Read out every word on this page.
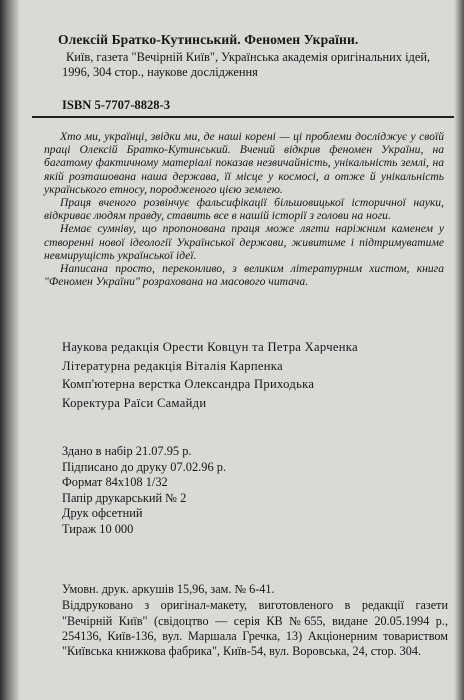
Олексій Братко-Кутинський. Феномен України.
Київ, газета "Вечірній Київ", Українська академія оригінальних ідей, 1996, 304 стор., наукове дослідження
ISBN 5-7707-8828-3

Хто ми, українці, звідки ми, де наші корені — ці проблеми досліджує у своїй праці Олексій Братко-Кутинський. Вчений відкрив феномен України, на багатому фактичному матеріалі показав незвичайність, унікальність землі, на якій розташована наша держава, її місце у космосі, а отже й унікальність українського етносу, породженого цією землею.

Праця вченого розвінчує фальсифікації більшовицької історичної науки, відкриває людям правду, ставить все в нашій історії з голови на ноги.

Немає сумніву, що пропонована праця може лягти наріжним каменем у створенні нової ідеології Української держави, живитиме і підтримуватиме невмирущість української ідеї.

Написана просто, переконливо, з великим літературним хистом, книга "Феномен України" розрахована на масового читача.

Наукова редакція Орести Ковцун та Петра Харченка
Літературна редакція Віталія Карпенка
Комп'ютерна верстка Олександра Приходька
Коректура Раїси Самайди
Здано в набір 21.07.95 р.
Підписано до друку 07.02.96 р.
Формат 84x108 1/32
Папір друкарський № 2
Друк офсетний
Тираж 10 000
Умовн. друк. аркушів 15,96, зам. № 6-41.
Віддруковано з оригінал-макету, виготовленого в редакції газети "Вечірній Київ" (свідоцтво — серія КВ №655, видане 20.05.1994 р., 254136, Київ-136, вул. Маршала Гречка, 13) Акціонерним товариством "Київська книжкова фабрика", Київ-54, вул. Воровська, 24, стор. 304.
